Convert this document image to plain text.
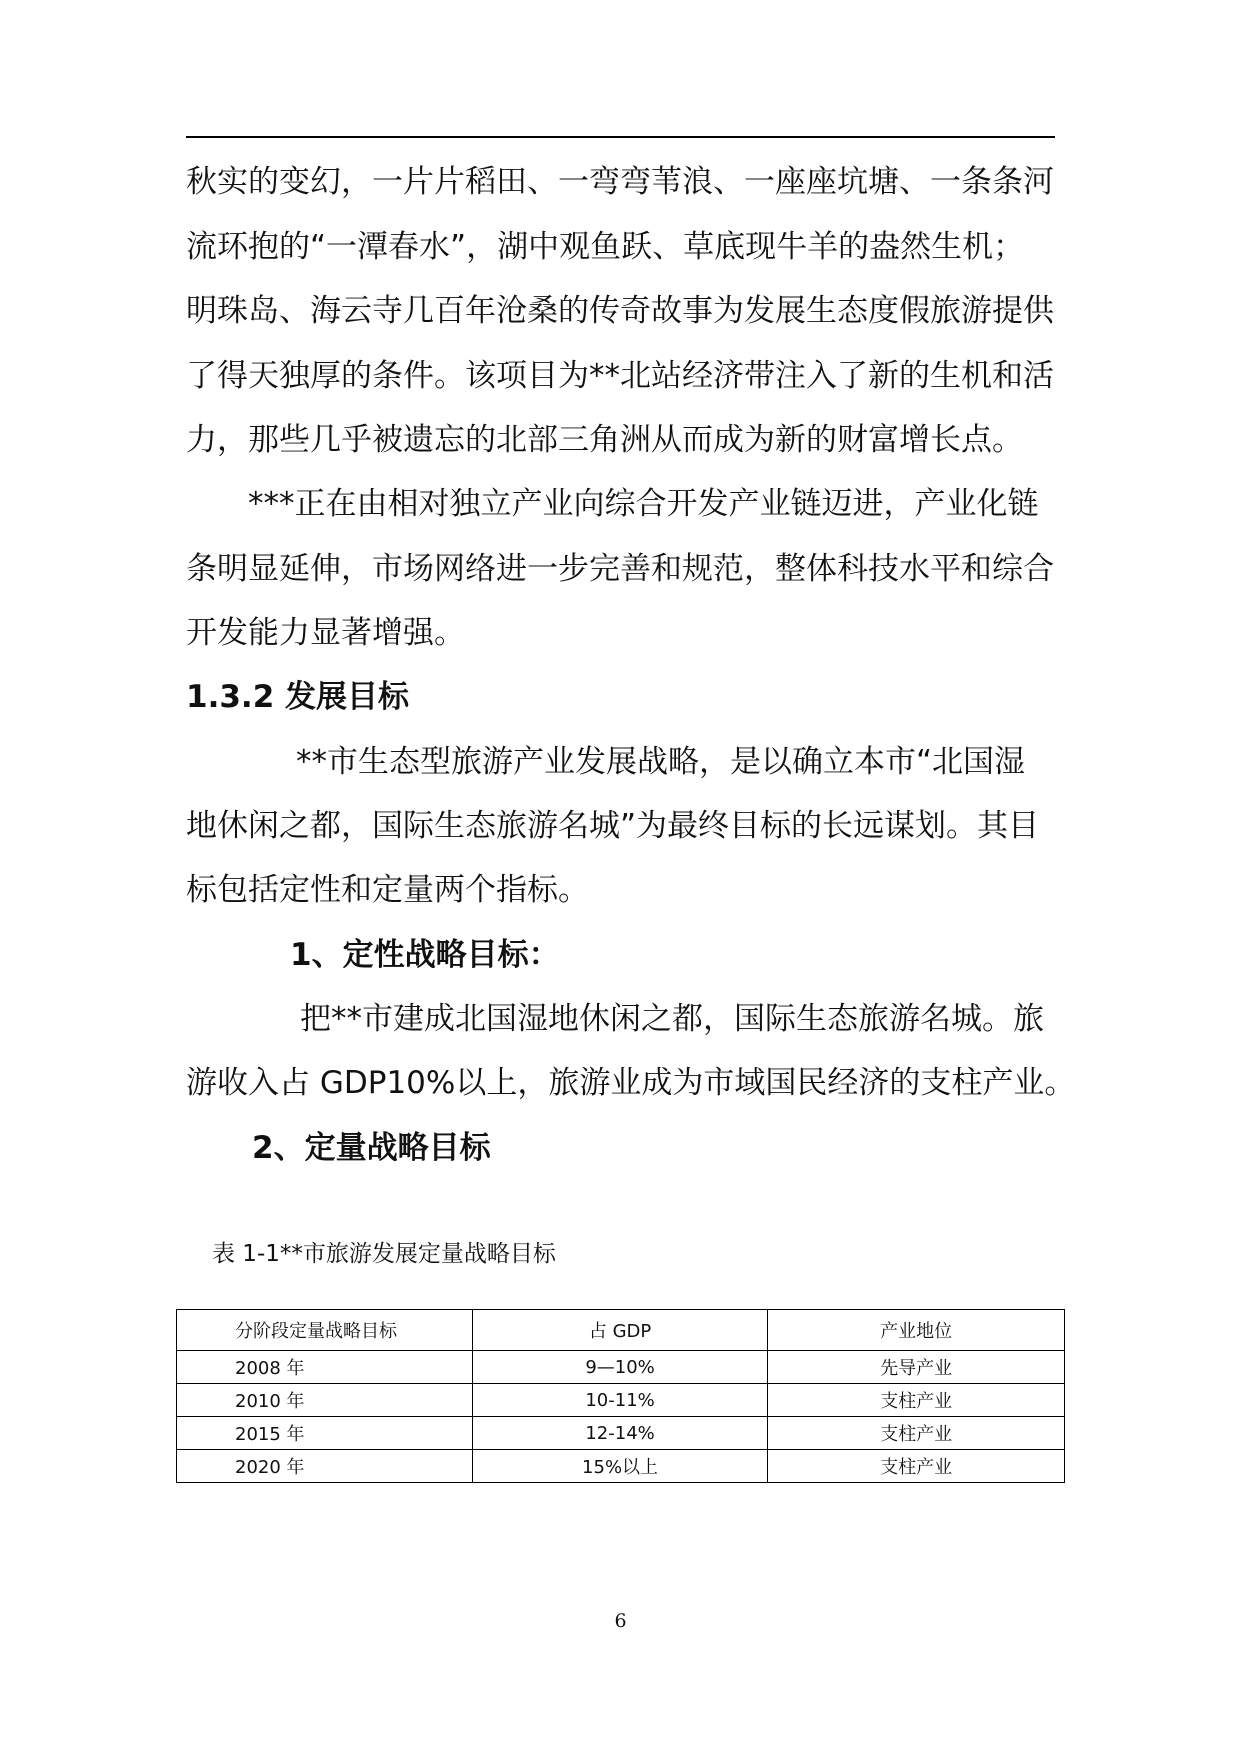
秋实的变幻，一片片稻田、一弯弯苇浪、一座座坑塘、一条条河
流环抱的“一潭春水”，湖中观鱼跃、草底现牛羊的盎然生机；
明珠岛、海云寺几百年沧桑的传奇故事为发展生态度假旅游提供
了得天独厚的条件。该项目为**北站经济带注入了新的生机和活
力，那些几乎被遗忘的北部三角洲从而成为新的财富增长点。
***正在由相对独立产业向综合开发产业链迈进，产业化链
条明显延伸，市场网络进一步完善和规范，整体科技水平和综合
开发能力显著增强。
1.3.2 发展目标
**市生态型旅游产业发展战略，是以确立本市“北国湿
地休闲之都，国际生态旅游名城”为最终目标的长远谋划。其目
标包括定性和定量两个指标。
1、定性战略目标：
把**市建成北国湿地休闲之都，国际生态旅游名城。旅
游收入占 GDP10%以上，旅游业成为市域国民经济的支柱产业。
2、定量战略目标
表 1-1**市旅游发展定量战略目标
分阶段定量战略目标	占 GDP	产业地位
2008 年	9—10%	先导产业
2010 年	10-11%	支柱产业
2015 年	12-14%	支柱产业
2020 年	15%以上	支柱产业
6
